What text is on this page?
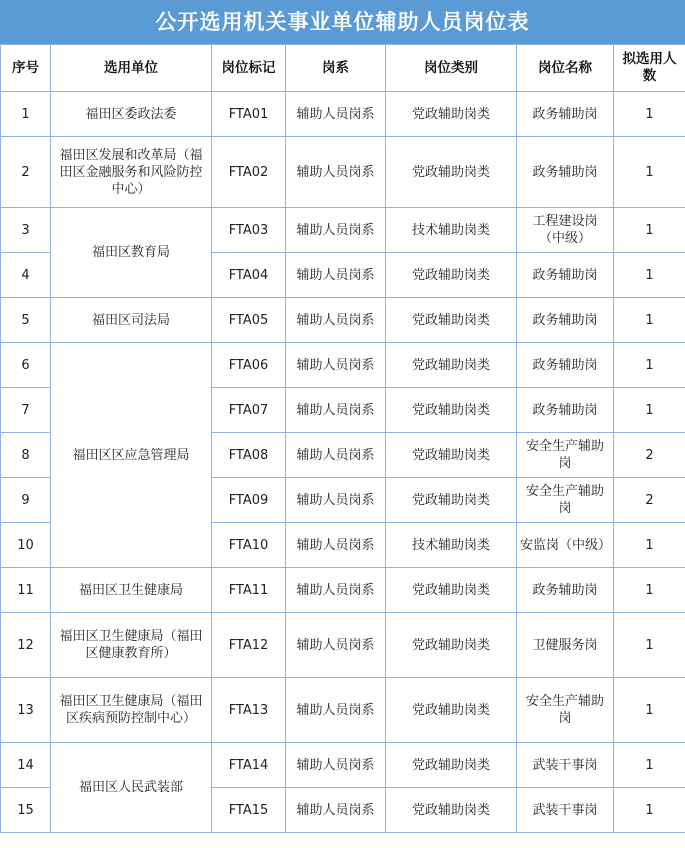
公开选用机关事业单位辅助人员岗位表
序号	选用单位	岗位标记	岗系	岗位类别	岗位名称	拟选用人数
1	福田区委政法委	FTA01	辅助人员岗系	党政辅助岗类	政务辅助岗	1
2	福田区发展和改革局（福田区金融服务和风险防控中心）	FTA02	辅助人员岗系	党政辅助岗类	政务辅助岗	1
3	福田区教育局	FTA03	辅助人员岗系	技术辅助岗类	工程建设岗（中级）	1
4		FTA04	辅助人员岗系	党政辅助岗类	政务辅助岗	1
5	福田区司法局	FTA05	辅助人员岗系	党政辅助岗类	政务辅助岗	1
6	福田区区应急管理局	FTA06	辅助人员岗系	党政辅助岗类	政务辅助岗	1
7		FTA07	辅助人员岗系	党政辅助岗类	政务辅助岗	1
8		FTA08	辅助人员岗系	党政辅助岗类	安全生产辅助岗	2
9		FTA09	辅助人员岗系	党政辅助岗类	安全生产辅助岗	2
10		FTA10	辅助人员岗系	技术辅助岗类	安监岗（中级）	1
11	福田区卫生健康局	FTA11	辅助人员岗系	党政辅助岗类	政务辅助岗	1
12	福田区卫生健康局（福田区健康教育所）	FTA12	辅助人员岗系	党政辅助岗类	卫健服务岗	1
13	福田区卫生健康局（福田区疾病预防控制中心）	FTA13	辅助人员岗系	党政辅助岗类	安全生产辅助岗	1
14	福田区人民武装部	FTA14	辅助人员岗系	党政辅助岗类	武装干事岗	1
15		FTA15	辅助人员岗系	党政辅助岗类	武装干事岗	1
